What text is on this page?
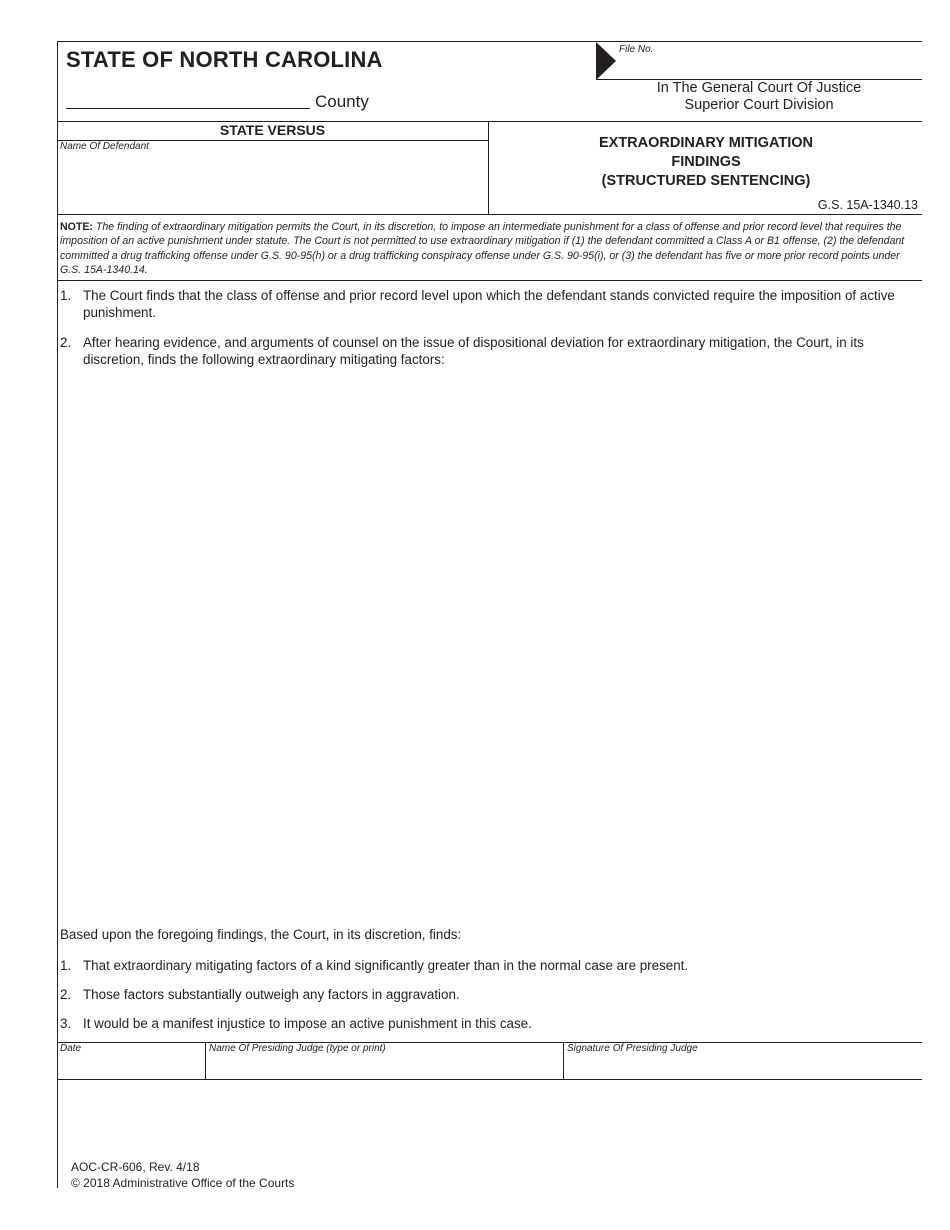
STATE OF NORTH CAROLINA
County
File No.
In The General Court Of Justice
Superior Court Division
STATE VERSUS
Name Of Defendant	EXTRAORDINARY MITIGATION
FINDINGS
(STRUCTURED SENTENCING)
G.S. 15A-1340.13
NOTE: The finding of extraordinary mitigation permits the Court, in its discretion, to impose an intermediate punishment for a class of offense and prior record level that requires the imposition of an active punishment under statute. The Court is not permitted to use extraordinary mitigation if (1) the defendant committed a Class A or B1 offense, (2) the defendant committed a drug trafficking offense under G.S. 90-95(h) or a drug trafficking conspiracy offense under G.S. 90-95(i), or (3) the defendant has five or more prior record points under G.S. 15A-1340.14.
1. The Court finds that the class of offense and prior record level upon which the defendant stands convicted require the imposition of active punishment.
2. After hearing evidence, and arguments of counsel on the issue of dispositional deviation for extraordinary mitigation, the Court, in its discretion, finds the following extraordinary mitigating factors:
Based upon the foregoing findings, the Court, in its discretion, finds:
1. That extraordinary mitigating factors of a kind significantly greater than in the normal case are present.
2. Those factors substantially outweigh any factors in aggravation.
3. It would be a manifest injustice to impose an active punishment in this case.
Date	Name Of Presiding Judge (type or print)	Signature Of Presiding Judge
AOC-CR-606, Rev. 4/18
© 2018 Administrative Office of the Courts
